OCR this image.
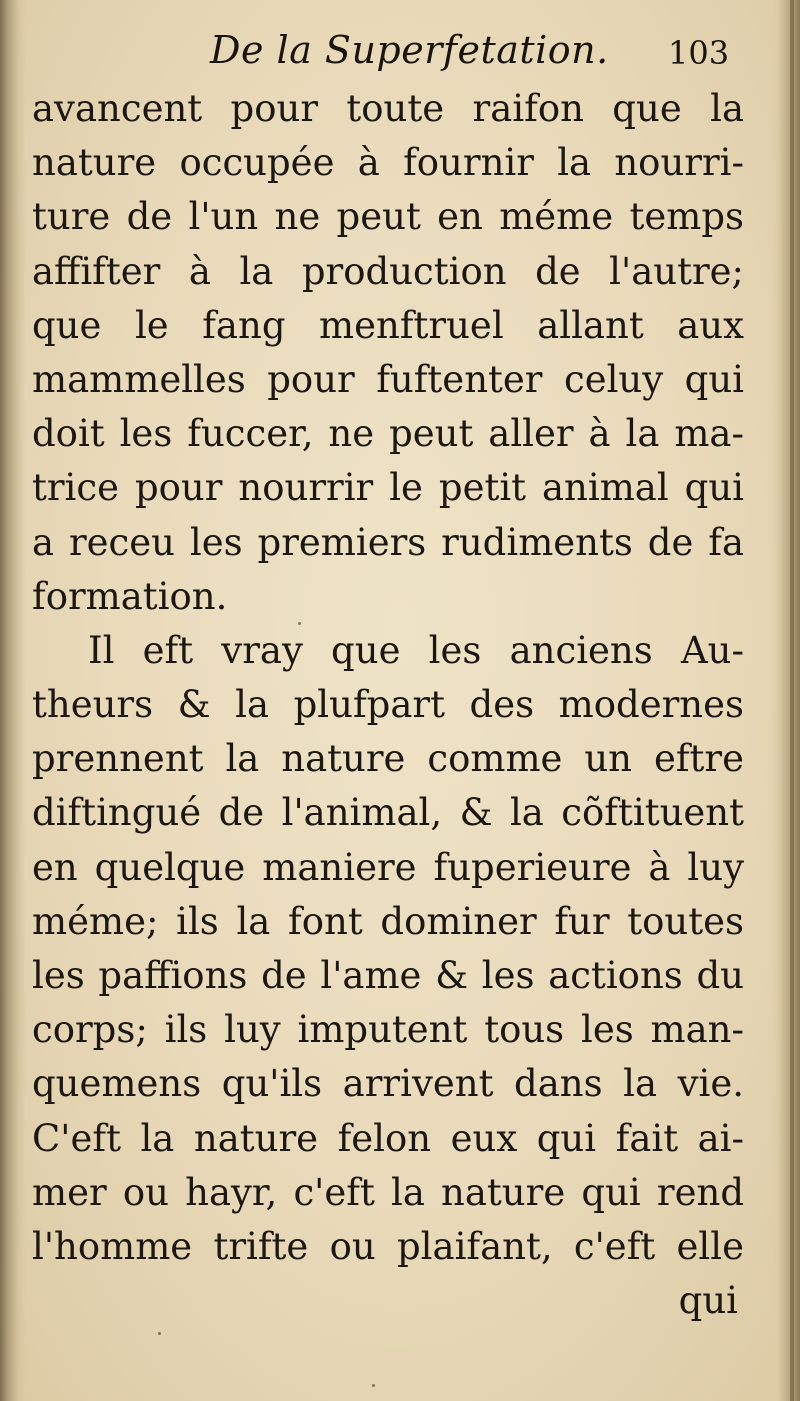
De la Superfetation. 103
avancent pour toute raifon que la
nature occupée à fournir la nourri-
ture de l'un ne peut en méme temps
affifter à la production de l'autre;
que le fang menftruel allant aux
mammelles pour fuftenter celuy qui
doit les fuccer, ne peut aller à la ma-
trice pour nourrir le petit animal qui
a receu les premiers rudiments de fa
formation.
Il eft vray que les anciens Au-
theurs & la plufpart des modernes
prennent la nature comme un eftre
diftingué de l'animal, & la cõftituent
en quelque maniere fuperieure à luy
méme; ils la font dominer fur toutes
les paffions de l'ame & les actions du
corps; ils luy imputent tous les man-
quemens qu'ils arrivent dans la vie.
C'eft la nature felon eux qui fait ai-
mer ou hayr, c'eft la nature qui rend
l'homme trifte ou plaifant, c'eft elle
qui
